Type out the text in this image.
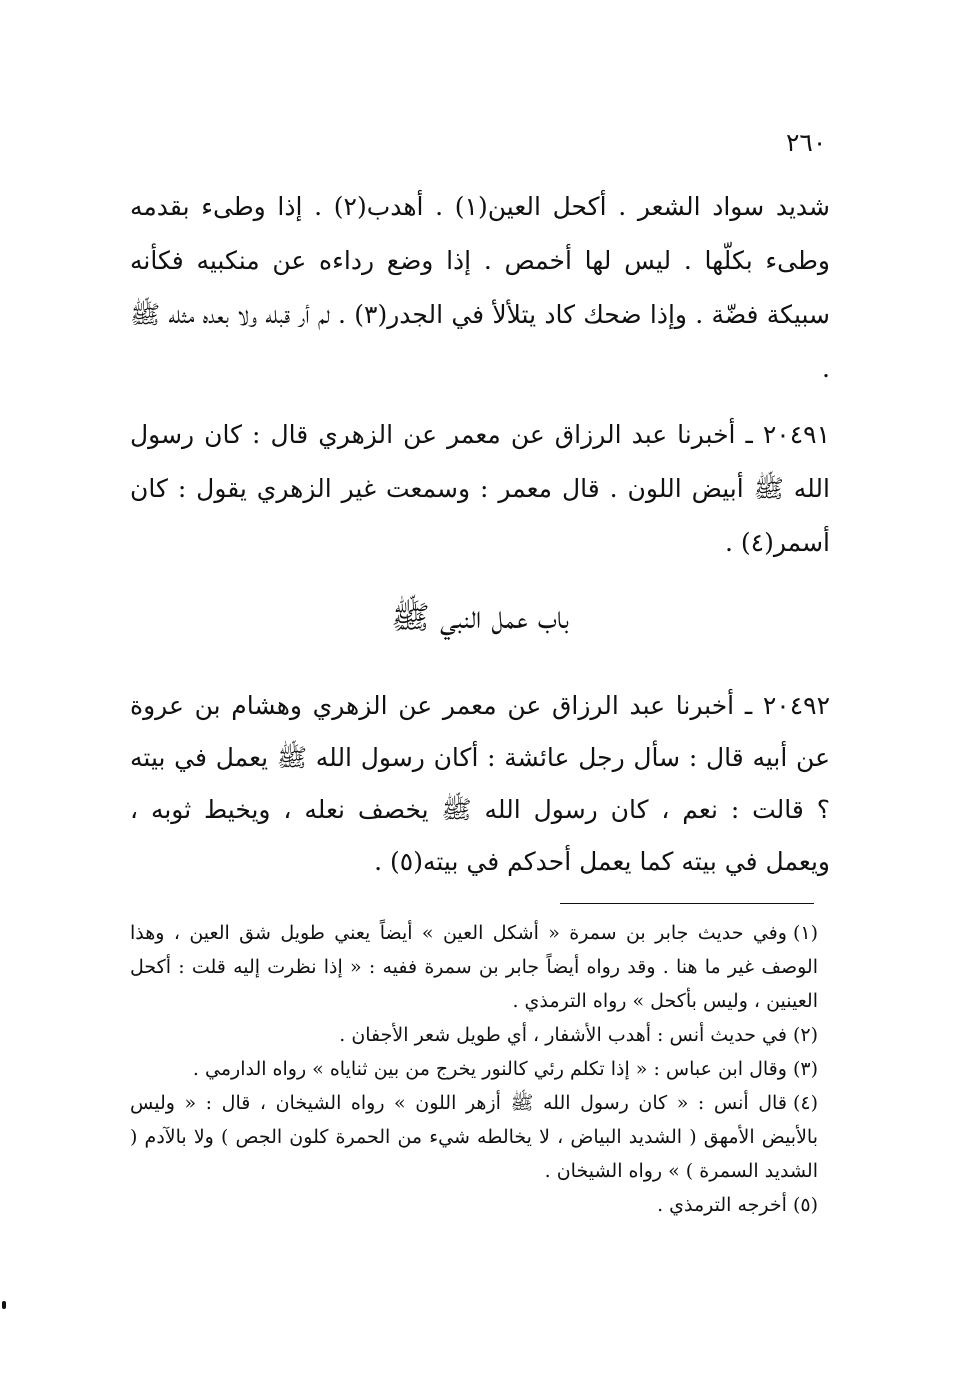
٢٦٠

شديد سواد الشعر . أكحل العين(١) . أهدب(٢) . إذا وطىء بقدمه وطىء بكلّها . ليس لها أخمص . إذا وضع رداءه عن منكبيه فكأنه سبيكة فضّة . وإذا ضحك كاد يتلألأ في الجدر(٣) . لم أر قبله ولا بعده مثله ﷺ .

٢٠٤٩١ ـ أخبرنا عبد الرزاق عن معمر عن الزهري قال : كان رسول الله ﷺ أبيض اللون . قال معمر : وسمعت غير الزهري يقول : كان أسمر(٤) .

باب عمل النبي ﷺ

٢٠٤٩٢ ـ أخبرنا عبد الرزاق عن معمر عن الزهري وهشام بن عروة عن أبيه قال : سأل رجل عائشة : أكان رسول الله ﷺ يعمل في بيته ؟ قالت : نعم ، كان رسول الله ﷺ يخصف نعله ، ويخيط ثوبه ، ويعمل في بيته كما يعمل أحدكم في بيته(٥) .

(١)وفي حديث جابر بن سمرة « أشكل العين » أيضاً يعني طويل شق العين ، وهذا الوصف غير ما هنا . وقد رواه أيضاً جابر بن سمرة ففيه : « إذا نظرت إليه قلت : أكحل العينين ، وليس بأكحل » رواه الترمذي .

(٢)في حديث أنس : أهدب الأشفار ، أي طويل شعر الأجفان .

(٣)وقال ابن عباس : « إذا تكلم رئي كالنور يخرج من بين ثناياه » رواه الدارمي .

(٤)قال أنس : « كان رسول الله ﷺ أزهر اللون » رواه الشيخان ، قال : « وليس بالأبيض الأمهق ( الشديد البياض ، لا يخالطه شيء من الحمرة كلون الجص ) ولا بالآدم ( الشديد السمرة ) » رواه الشيخان .

(٥)أخرجه الترمذي .
